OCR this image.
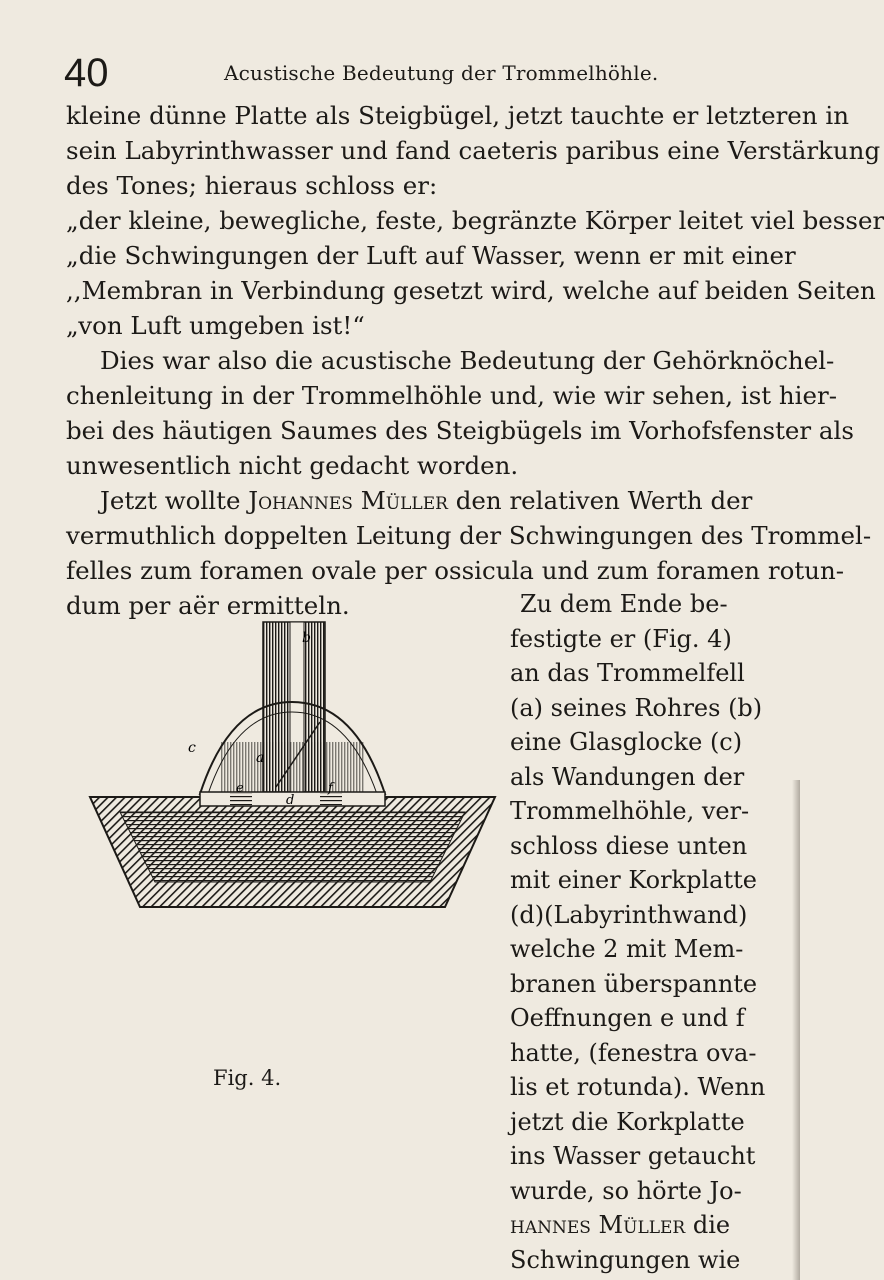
40	Acustische Bedeutung der Trommelhöhle.
kleine dünne Platte als Steigbügel, jetzt tauchte er letzteren in
sein Labyrinthwasser und fand caeteris paribus eine Verstärkung
des Tones; hieraus schloss er:
„der kleine, bewegliche, feste, begränzte Körper leitet viel besser
„die Schwingungen der Luft auf Wasser, wenn er mit einer
,,Membran in Verbindung gesetzt wird, welche auf beiden Seiten
„von Luft umgeben ist!“
Dies war also die acustische Bedeutung der Gehörknöchel-
chenleitung in der Trommelhöhle und, wie wir sehen, ist hier-
bei des häutigen Saumes des Steigbügels im Vorhofsfenster als
unwesentlich nicht gedacht worden.
Jetzt wollte Johannes Müller den relativen Werth der
vermuthlich doppelten Leitung der Schwingungen des Trommel-
felles zum foramen ovale per ossicula und zum foramen rotun-
dum per aër ermitteln.	Zu dem Ende be-
festigte er (Fig. 4)
an das Trommelfell
(a) seines Rohres (b)
eine Glasglocke (c)
als Wandungen der
Trommelhöhle, ver-
schloss diese unten
mit einer Korkplatte
(d)(Labyrinthwand)
welche 2 mit Mem-
branen überspannte
Oeffnungen e und f
hatte, (fenestra ova-
lis et rotunda). Wenn
jetzt die Korkplatte
ins Wasser getaucht
wurde, so hörte Jo-
hannes Müller die
Schwingungen wie
a
b
c
d
e	f
Fig. 4.
